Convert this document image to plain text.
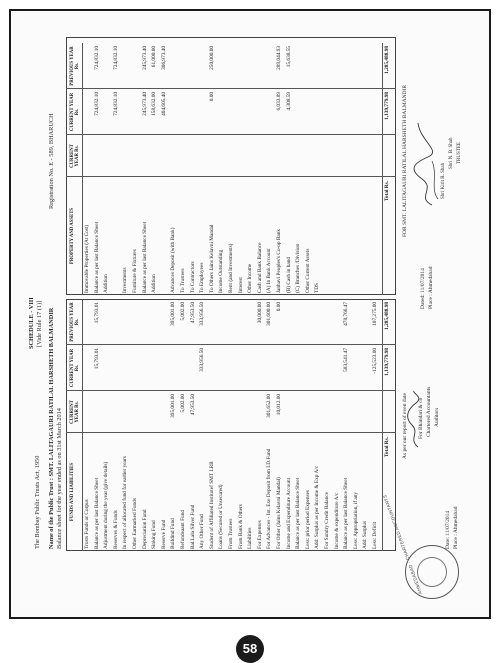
The Bombay Public Trusts Act, 1950
SCHEDULE - VIII [Vide Rule 17 (1)] Name of the Public Trust : SMT. LALITAGAURI RATILAL HARSHETH BALMANDIR
Registration No. E - 589, BHARUCH
Balance sheet for the year ended as on 31st March 2014 FUNDS AND LIABILITIES
CURRENT YEAR Rs.
CURRENT YEAR Rs.
PREVIOUS YEAR Rs.
Trusts Funds or Corpus Balance as per last Balance Sheet
15,793.01
15,793.01
Adjustment during the year (give details) Reserves & Funds In respect of allocated fund for earlier years Other Earmarked Funds Depreciation Fund Sinking Fund Reserve Fund Buildind Fund
395,001.00
395,001.00
Refundeaant Fund
5,002.00
5,002.00
Bal.Lala Silver Fund
47,953.50
47,953.50
Any Other Fund
333,956.50
333,956.50
Student of Affiliated Institutef SMT LRB Loans (Secured or Unsecured) From Trustees From Bank & Others Liabilities For Expenses
30,000.00
For Advances - Int. Exe Deposit from I.D.Fund
301,652.00
301,600.00
For Other (Jains Kelavni Mandal)
10,012.00
0.00
Income and Expenditure Account Balance as per last Balance Sheet Less: prior period Expenses Add: Surplus as per Income & Exp A/c For Sundry Credit Balance Income & expenditure A/c Balance as per last Balance Sheet
583,541.47
478,766.47
Less: Appropriation, if any Add: Surplus Less: Deficit
-125,523.00
107,275.00
Total Rs.
1,139,779.98
1,285,488.98
PROPERTY AND ASSETS
CURRENT YEAR Rs.
CURRENT YEAR Rs.
PREVIOUS YEAR Rs.
Immovable Properties (At Cost) Balance as per last Balance Sheet
724,832.10
724,832.10
Addition
724,832.10
724,832.10
Investments Furniture & Fixtures Balance as per last Balance Sheet
245,973.40
245,973.40
Addition
158,632.00
61,000.00
404,605.40
306,973.40
Advances Deposit (with Bank) To Trustees To Contractors To Employees To Others Jains Kelavni Mandal
0.00
250,000.00
Income Outstanding Rent (and Investments) Interest Other Income Cash and Bank Balance (A) In Bank Account Janhavi Peoples's Co-op Bank
6,033.89
289,044.93
(B) Cash in hand
4,308.59
15,638.55
(C) Branches /Division Other Current Assets TDS
Total Rs.
1,139,779.98
1,285,488.98
As per our report of even date For Bhandari & co Chartered Accountants Auditors
FOR SMT. LALITAGAURI RATILAL HARSHETH BALMANDIR	Shri Kirit R. Shah
Shri N. B. Shah TRUSTEE
Date: 11/07/2014 Place : Ahmedabad
Dated: 11/07/2014 Place : Ahmedabad
AHMEDABAD · CHARTERED ACCOUNTANTS
58
